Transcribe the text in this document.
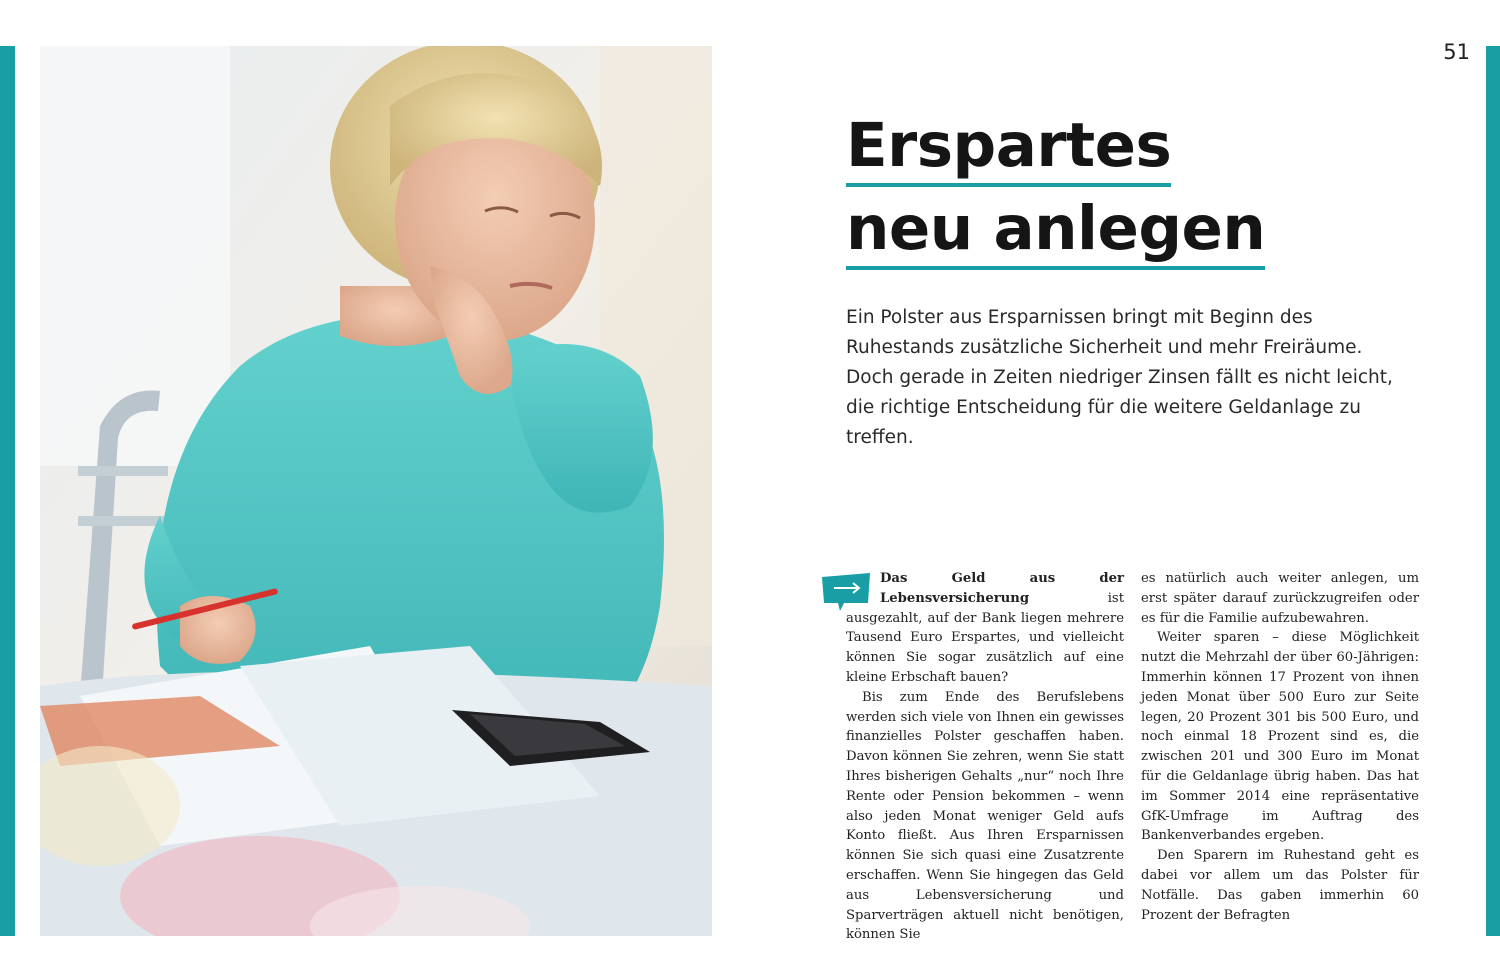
51
Erspartes
neu anlegen

Ein Polster aus Ersparnissen bringt mit Beginn des Ruhestands zusätzliche Sicherheit und mehr Freiräume. Doch gerade in Zeiten niedriger Zinsen fällt es nicht leicht, die richtige Entscheidung für die weitere Geldanlage zu treffen.

Das Geld aus der Lebensversicherung ist ausgezahlt, auf der Bank liegen mehrere Tausend Euro Erspartes, und vielleicht können Sie sogar zusätzlich auf eine kleine Erbschaft bauen?

Bis zum Ende des Berufslebens werden sich viele von Ihnen ein gewisses finanzielles Polster geschaffen haben. Davon können Sie zehren, wenn Sie statt Ihres bisherigen Gehalts „nur“ noch Ihre Rente oder Pension bekommen – wenn also jeden Monat weniger Geld aufs Konto fließt. Aus Ihren Ersparnissen können Sie sich quasi eine Zusatzrente erschaffen. Wenn Sie hingegen das Geld aus Lebensversicherung und Sparverträgen aktuell nicht benötigen, können Sie

es natürlich auch weiter anlegen, um erst später darauf zurückzugreifen oder es für die Familie aufzubewahren.

Weiter sparen – diese Möglichkeit nutzt die Mehrzahl der über 60-Jährigen: Immerhin können 17 Prozent von ihnen jeden Monat über 500 Euro zur Seite legen, 20 Prozent 301 bis 500 Euro, und noch einmal 18 Prozent sind es, die zwischen 201 und 300 Euro im Monat für die Geldanlage übrig haben. Das hat im Sommer 2014 eine repräsentative GfK-Umfrage im Auftrag des Bankenverbandes ergeben.

Den Sparern im Ruhestand geht es dabei vor allem um das Polster für Notfälle. Das gaben immerhin 60 Prozent der Befragten
